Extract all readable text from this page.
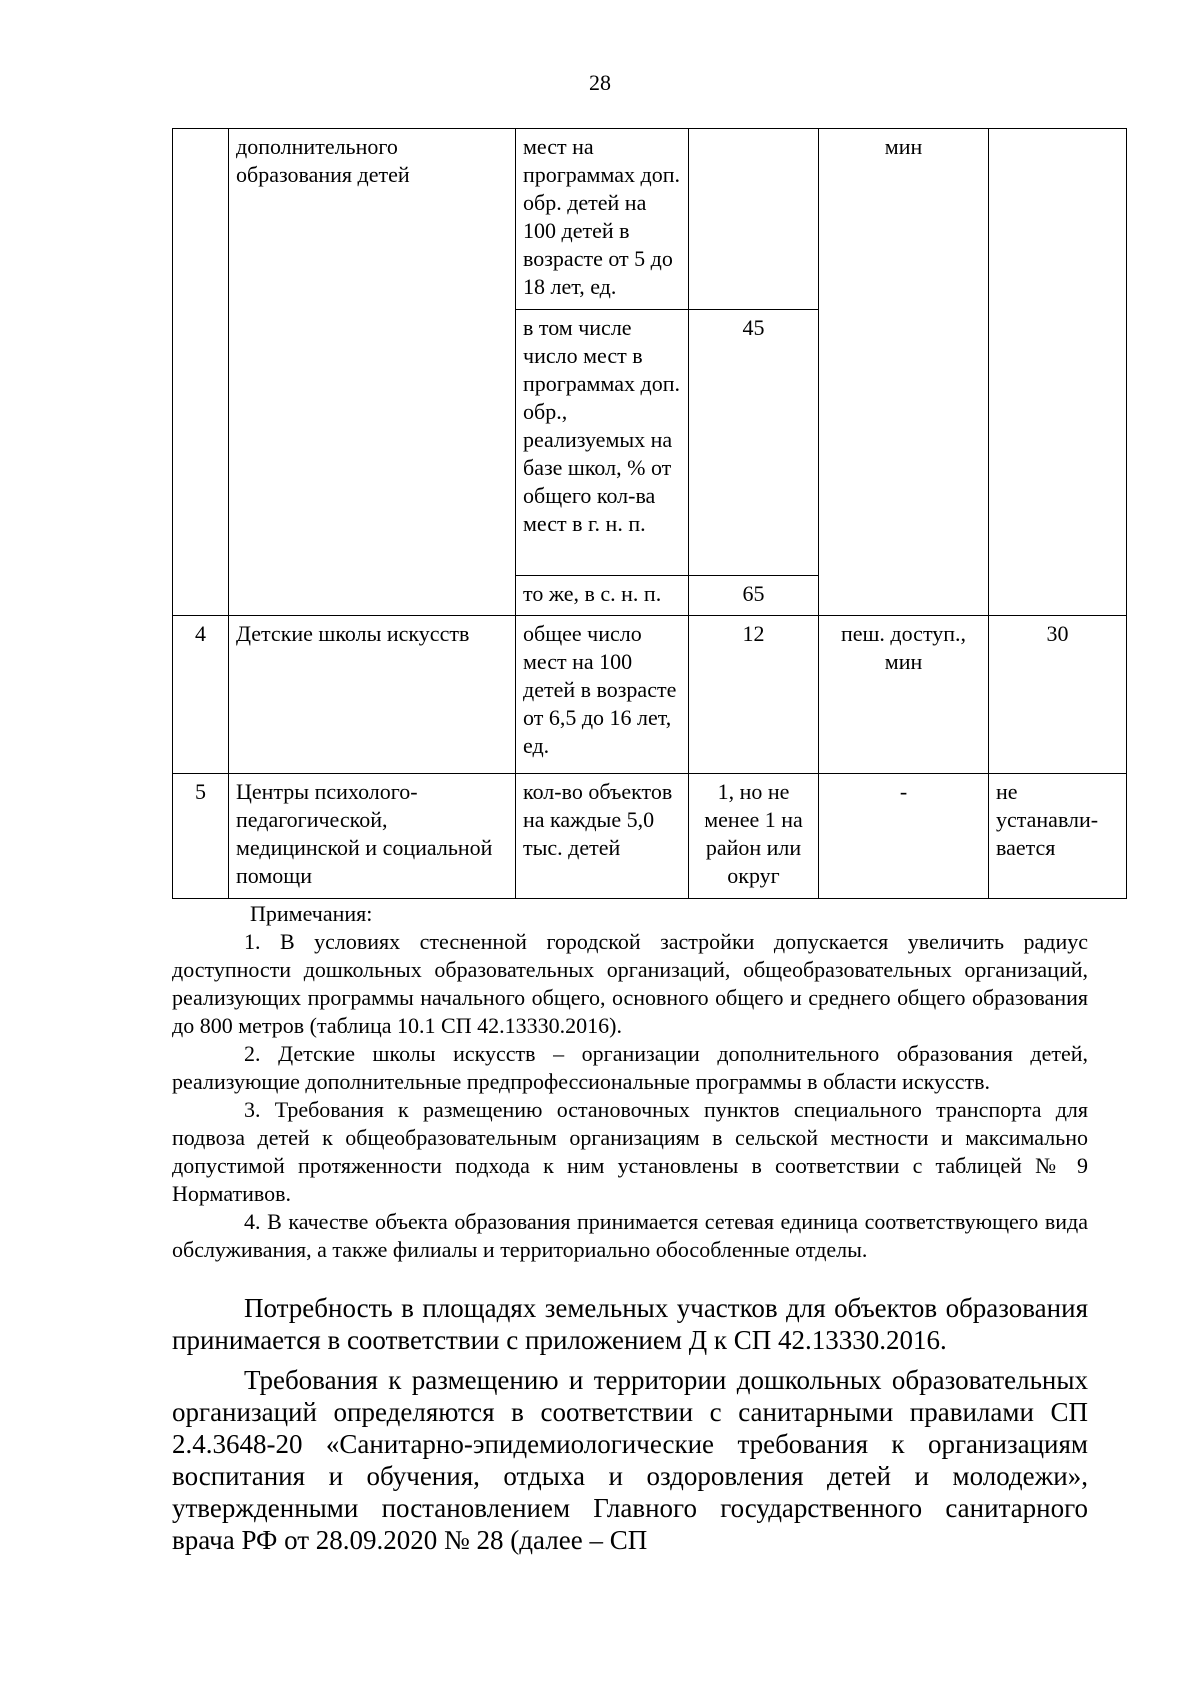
28
	дополнительного образования детей	мест на программах доп. обр. детей на 100 детей в возрасте от 5 до 18 лет, ед.		мин	
		в том числе число мест в программах доп. обр., реализуемых на базе школ, % от общего кол-ва мест в г. н. п.	45		
		то же, в с. н. п.	65		
4	Детские школы искусств	общее число мест на 100 детей в возрасте от 6,5 до 16 лет, ед.	12	пеш. доступ., мин	30
5	Центры психолого-педагогической, медицинской и социальной помощи	кол-во объектов на каждые 5,0 тыс. детей	1, но не менее 1 на район или округ	-	не устанавли-вается
Примечания:

1. В условиях стесненной городской застройки допускается увеличить радиус доступности дошкольных образовательных организаций, общеобразовательных организаций, реализующих программы начального общего, основного общего и среднего общего образования до 800 метров (таблица 10.1 СП 42.13330.2016).

2. Детские школы искусств – организации дополнительного образования детей, реализующие дополнительные предпрофессиональные программы в области искусств.

3. Требования к размещению остановочных пунктов специального транспорта для подвоза детей к общеобразовательным организациям в сельской местности и максимально допустимой протяженности подхода к ним установлены в соответствии с таблицей № 9 Нормативов.

4. В качестве объекта образования принимается сетевая единица соответствующего вида обслуживания, а также филиалы и территориально обособленные отделы.

Потребность в площадях земельных участков для объектов образования принимается в соответствии с приложением Д к СП 42.13330.2016.

Требования к размещению и территории дошкольных образовательных организаций определяются в соответствии с санитарными правилами СП 2.4.3648-20 «Санитарно-эпидемиологические требования к организациям воспитания и обучения, отдыха и оздоровления детей и молодежи», утвержденными постановлением Главного государственного санитарного врача РФ от 28.09.2020 № 28 (далее – СП
